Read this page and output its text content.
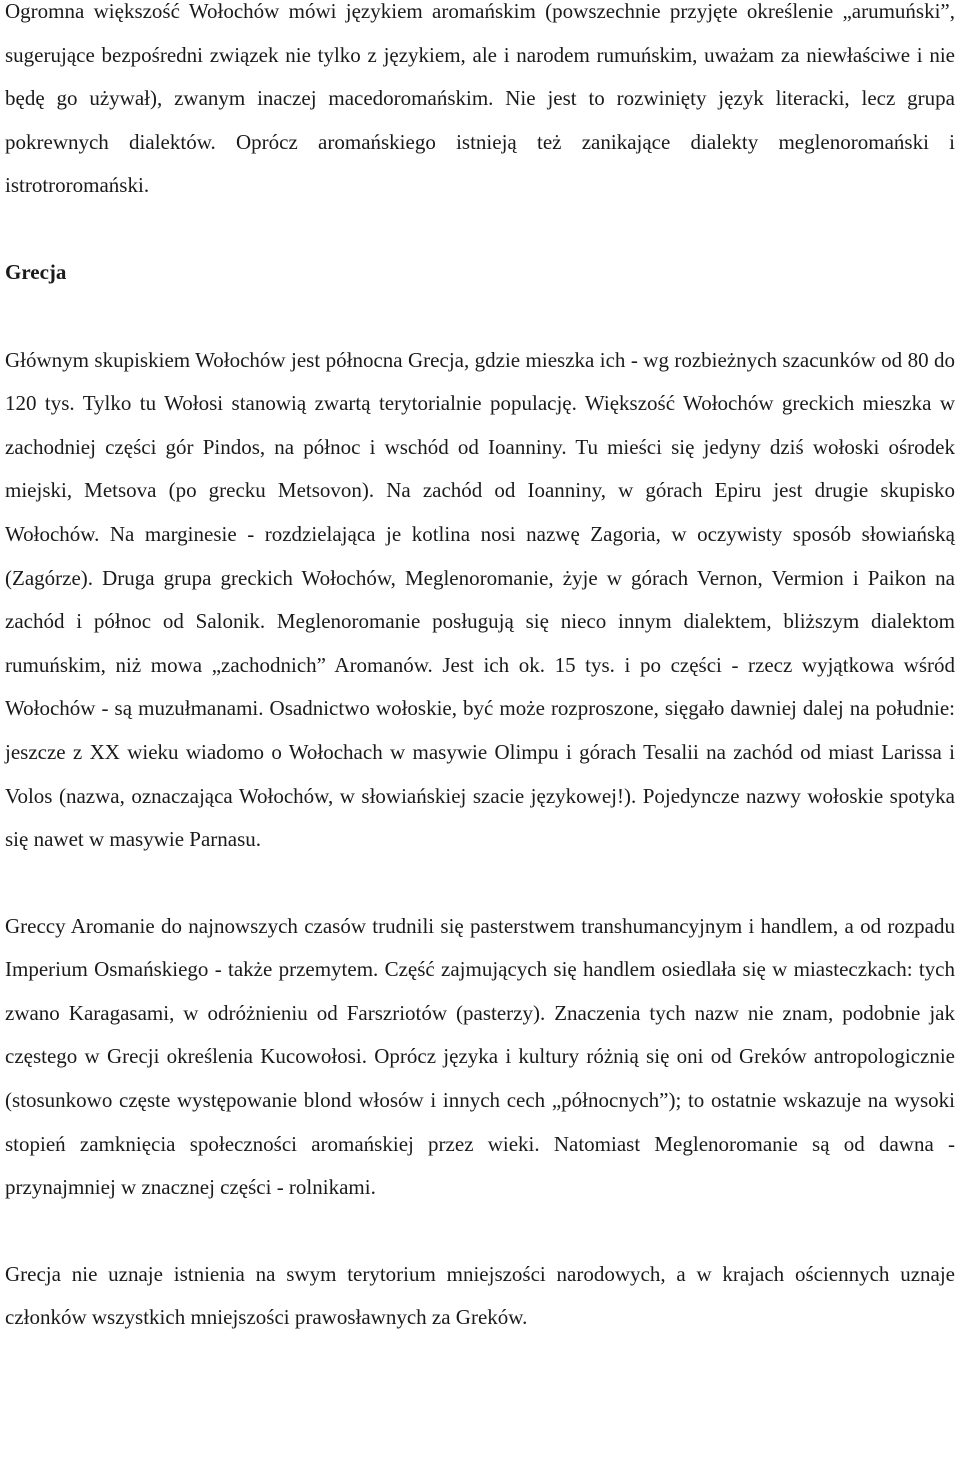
Ogromna większość Wołochów mówi językiem aromańskim (powszechnie przyjęte określenie „arumuński”, sugerujące bezpośredni związek nie tylko z językiem, ale i narodem rumuńskim, uważam za niewłaściwe i nie będę go używał), zwanym inaczej macedoromańskim. Nie jest to rozwinięty język literacki, lecz grupa pokrewnych dialektów. Oprócz aromańskiego istnieją też zanikające dialekty meglenoromański i istrotroromański.

Grecja

Głównym skupiskiem Wołochów jest północna Grecja, gdzie mieszka ich - wg rozbieżnych szacunków od 80 do 120 tys. Tylko tu Wołosi stanowią zwartą terytorialnie populację. Większość Wołochów greckich mieszka w zachodniej części gór Pindos, na północ i wschód od Ioanniny. Tu mieści się jedyny dziś wołoski ośrodek miejski, Metsova (po grecku Metsovon). Na zachód od Ioanniny, w górach Epiru jest drugie skupisko Wołochów. Na marginesie - rozdzielająca je kotlina nosi nazwę Zagoria, w oczywisty sposób słowiańską (Zagórze). Druga grupa greckich Wołochów, Meglenoromanie, żyje w górach Vernon, Vermion i Paikon na zachód i północ od Salonik. Meglenoromanie posługują się nieco innym dialektem, bliższym dialektom rumuńskim, niż mowa „zachodnich” Aromanów. Jest ich ok. 15 tys. i po części - rzecz wyjątkowa wśród Wołochów - są muzułmanami. Osadnictwo wołoskie, być może rozproszone, sięgało dawniej dalej na południe: jeszcze z XX wieku wiadomo o Wołochach w masywie Olimpu i górach Tesalii na zachód od miast Larissa i Volos (nazwa, oznaczająca Wołochów, w słowiańskiej szacie językowej!). Pojedyncze nazwy wołoskie spotyka się nawet w masywie Parnasu.

Greccy Aromanie do najnowszych czasów trudnili się pasterstwem transhumancyjnym i handlem, a od rozpadu Imperium Osmańskiego - także przemytem. Część zajmujących się handlem osiedlała się w miasteczkach: tych zwano Karagasami, w odróżnieniu od Farszriotów (pasterzy). Znaczenia tych nazw nie znam, podobnie jak częstego w Grecji określenia Kucowołosi. Oprócz języka i kultury różnią się oni od Greków antropologicznie (stosunkowo częste występowanie blond włosów i innych cech „północnych”); to ostatnie wskazuje na wysoki stopień zamknięcia społeczności aromańskiej przez wieki. Natomiast Meglenoromanie są od dawna - przynajmniej w znacznej części - rolnikami.

Grecja nie uznaje istnienia na swym terytorium mniejszości narodowych, a w krajach ościennych uznaje członków wszystkich mniejszości prawosławnych za Greków.
